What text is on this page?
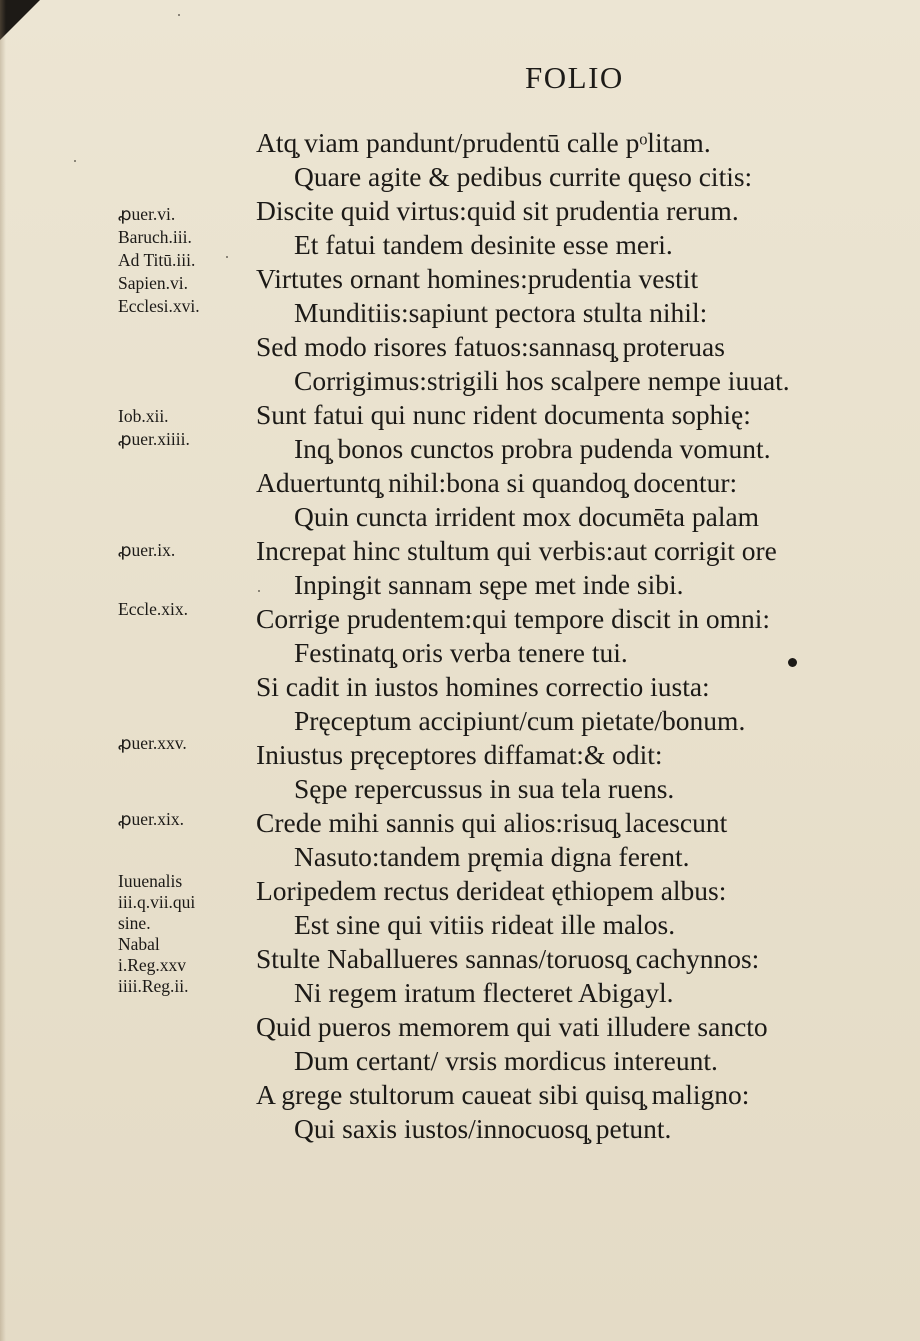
FOLIO
Atq̧ viam pandunt/prudentū calle pᵒlitam.
Quare agite & pedibus currite quęso citis:
Discite quid virtus:quid sit prudentia rerum.
Et fatui tandem desinite esse meri.
Virtutes ornant homines:prudentia vestit
Munditiis:sapiunt pectora stulta nihil:
Sed modo risores fatuos:sannasq̧ proteruas
Corrigimus:strigili hos scalpere nempe iuuat.
Sunt fatui qui nunc rident documenta sophię:
Inq̧ bonos cunctos probra pudenda vomunt.
Aduertuntq̧ nihil:bona si quandoq̧ docentur:
Quin cuncta irrident mox documēta palam
Increpat hinc stultum qui verbis:aut corrigit ore
Inpingit sannam sępe met inde sibi.
Corrige prudentem:qui tempore discit in omni:
Festinatq̧ oris verba tenere tui.
Si cadit in iustos homines correctio iusta:
Pręceptum accipiunt/cum pietate/bonum.
Iniustus pręceptores diffamat:& odit:
Sępe repercussus in sua tela ruens.
Crede mihi sannis qui alios:risuq̧ lacescunt
Nasuto:tandem pręmia digna ferent.
Loripedem rectus derideat ęthiopem albus:
Est sine qui vitiis rideat ille malos.
Stulte Naballueres sannas/toruosq̧ cachynnos:
Ni regem iratum flecteret Abigayl.
Quid pueros memorem qui vati illudere sancto
Dum certant/ vrsis mordicus intereunt.
A grege stultorum caueat sibi quisq̧ maligno:
Qui saxis iustos/innocuosq̧ petunt.
ꝓuer.vi.
Baruch.iii.
Ad Titū.iii.
Sapien.vi.
Ecclesi.xvi.
Iob.xii.
ꝓuer.xiiii.
ꝓuer.ix.
Eccle.xix.
ꝓuer.xxv.
ꝓuer.xix.
Iuuenalis
iii.q.vii.qui
sine.
Nabal
i.Reg.xxv
iiii.Reg.ii.
